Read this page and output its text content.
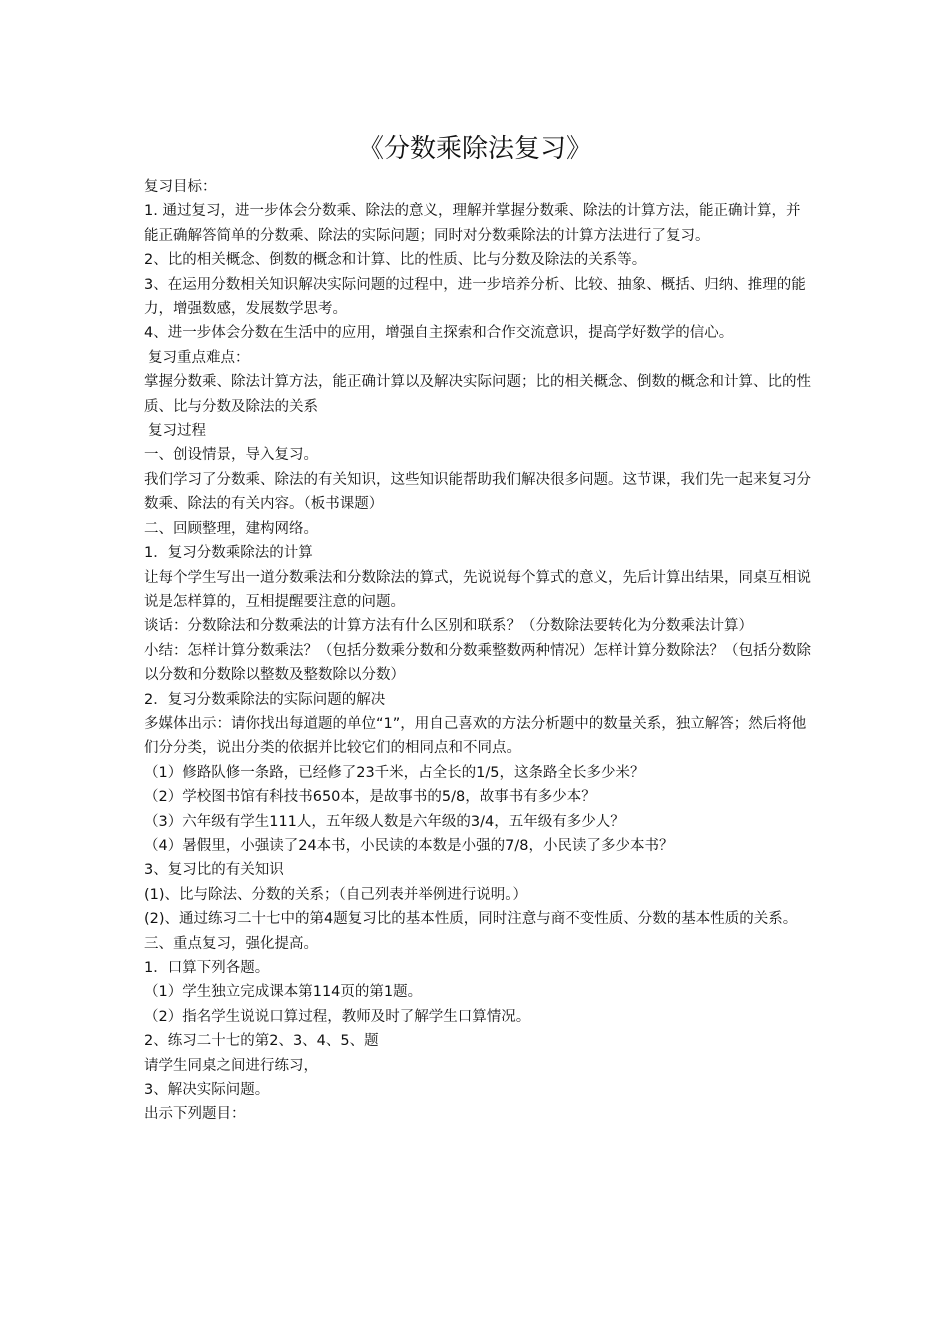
《分数乘除法复习》

复习目标：

1. 通过复习，进一步体会分数乘、除法的意义，理解并掌握分数乘、除法的计算方法，能正确计算，并能正确解答简单的分数乘、除法的实际问题；同时对分数乘除法的计算方法进行了复习。

2、比的相关概念、倒数的概念和计算、比的性质、比与分数及除法的关系等。

3、在运用分数相关知识解决实际问题的过程中，进一步培养分析、比较、抽象、概括、归纳、推理的能力，增强数感，发展数学思考。

4、进一步体会分数在生活中的应用，增强自主探索和合作交流意识，提高学好数学的信心。

复习重点难点：

掌握分数乘、除法计算方法，能正确计算以及解决实际问题；比的相关概念、倒数的概念和计算、比的性质、比与分数及除法的关系

复习过程

一、创设情景，导入复习。

我们学习了分数乘、除法的有关知识，这些知识能帮助我们解决很多问题。这节课，我们先一起来复习分数乘、除法的有关内容。（板书课题）

二、回顾整理，建构网络。

1．复习分数乘除法的计算

让每个学生写出一道分数乘法和分数除法的算式，先说说每个算式的意义，先后计算出结果，同桌互相说说是怎样算的，互相提醒要注意的问题。

谈话：分数除法和分数乘法的计算方法有什么区别和联系？（分数除法要转化为分数乘法计算）

小结：怎样计算分数乘法？（包括分数乘分数和分数乘整数两种情况）怎样计算分数除法？（包括分数除以分数和分数除以整数及整数除以分数）

2．复习分数乘除法的实际问题的解决

多媒体出示：请你找出每道题的单位“1”，用自己喜欢的方法分析题中的数量关系，独立解答；然后将他们分分类，说出分类的依据并比较它们的相同点和不同点。

（1）修路队修一条路，已经修了23千米，占全长的1/5，这条路全长多少米？

（2）学校图书馆有科技书650本，是故事书的5/8，故事书有多少本？

（3）六年级有学生111人，五年级人数是六年级的3/4，五年级有多少人？

（4）暑假里，小强读了24本书，小民读的本数是小强的7/8，小民读了多少本书？

3、复习比的有关知识

(1)、比与除法、分数的关系；（自己列表并举例进行说明。）

(2)、通过练习二十七中的第4题复习比的基本性质，同时注意与商不变性质、分数的基本性质的关系。

三、重点复习，强化提高。

1．口算下列各题。

（1）学生独立完成课本第114页的第1题。

（2）指名学生说说口算过程，教师及时了解学生口算情况。

2、练习二十七的第2、3、4、5、题

请学生同桌之间进行练习，

3、解决实际问题。

出示下列题目：
